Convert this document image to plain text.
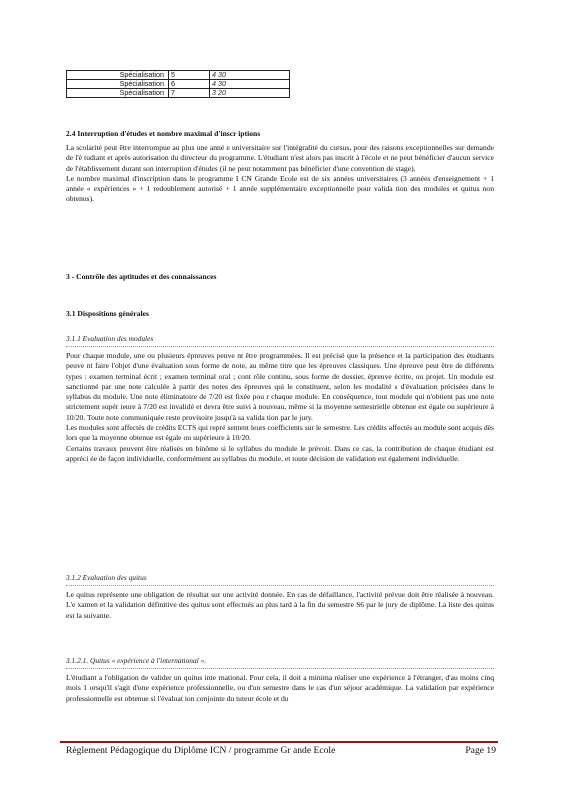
Spécialisation	5	4 30
Spécialisation	6	4 30
Spécialisation	7	3 20
2.4 Interruption d'études et nombre maximal d'inscr iptions

La scolarité peut être interrompue au plus une anné e universitaire sur l'intégralité du cursus, pour des raisons exceptionnelles sur demande de l'é tudiant et après autorisation du directeur du programme. L'étudiant n'est alors pas inscrit à l'école et ne peut bénéficier d'aucun service de l'établissement durant son interruption d'études (il ne peut notamment pas bénéficier d'une convention de stage).

Le nombre maximal d'inscription dans le programme I CN Grande Ecole est de six années universitaires (3 années d'enseignement + 1 année « expériences » + 1 redoublement autorisé + 1 année supplémentaire exceptionnelle pour valida tion des modules et quitus non obtenus).

3 - Contrôle des aptitudes et des connaissances
3.1 Dispositions générales
3.1.1 Evaluation des modules

Pour chaque module, une ou plusieurs épreuves peuve nt être programmées. Il est précisé que la présence et la participation des étudiants peuve nt faire l'objet d'une évaluation sous forme de note, au même titre que les épreuves classiques. Une épreuve peut être de différents types : examen terminal écrit ; examen terminal oral ; cont rôle continu, sous forme de dossier, épreuve écrite, ou projet. Un module est sanctionné par une note calculée à partir des notes des épreuves qui le constituent, selon les modalité s d'évaluation précisées dans le syllabus du module. Une note éliminatoire de 7/20 est fixée pou r chaque module. En conséquence, tout module qui n'obtient pas une note strictement supér ieure à 7/20 est invalidé et devra être suivi à nouveau, même si la moyenne semestrielle obtenue est égale ou supérieure à 10/20. Toute note communiquée reste provisoire jusqu'à sa valida tion par le jury.

Les modules sont affectés de crédits ECTS qui repré sentent leurs coefficients sur le semestre. Les crédits affectés au module sont acquis dès lors que la moyenne obtenue est égale ou supérieure à 10/20.

Certains travaux peuvent être réalisés en binôme si le syllabus du module le prévoit. Dans ce cas, la contribution de chaque étudiant est appréci ée de façon individuelle, conformément au syllabus du module, et toute décision de validation est également individuelle.

3.1.2 Evaluation des quitus

Le quitus représente une obligation de résultat sur une activité donnée. En cas de défaillance, l'activité prévue doit être réalisée à nouveau. L'e xamen et la validation définitive des quitus sont effectués au plus tard à la fin du semestre S6 par le jury de diplôme. La liste des quitus est la suivante.

3.1.2.1. Quitus « expérience à l'international ».

L'étudiant a l'obligation de valider un quitus inte rnational. Pour cela, il doit a minima réaliser une expérience à l'étranger, d'au moins cinq mois 1 orsqu'il s'agit d'une expérience professionnelle, ou d'un semestre dans le cas d'un séjour académique. La validation par expérience professionnelle est obtenue si l'évaluat ion conjointe du tuteur école et du

Règlement Pédagogique du Diplôme ICN / programme Gr ande Ecole	Page 19
